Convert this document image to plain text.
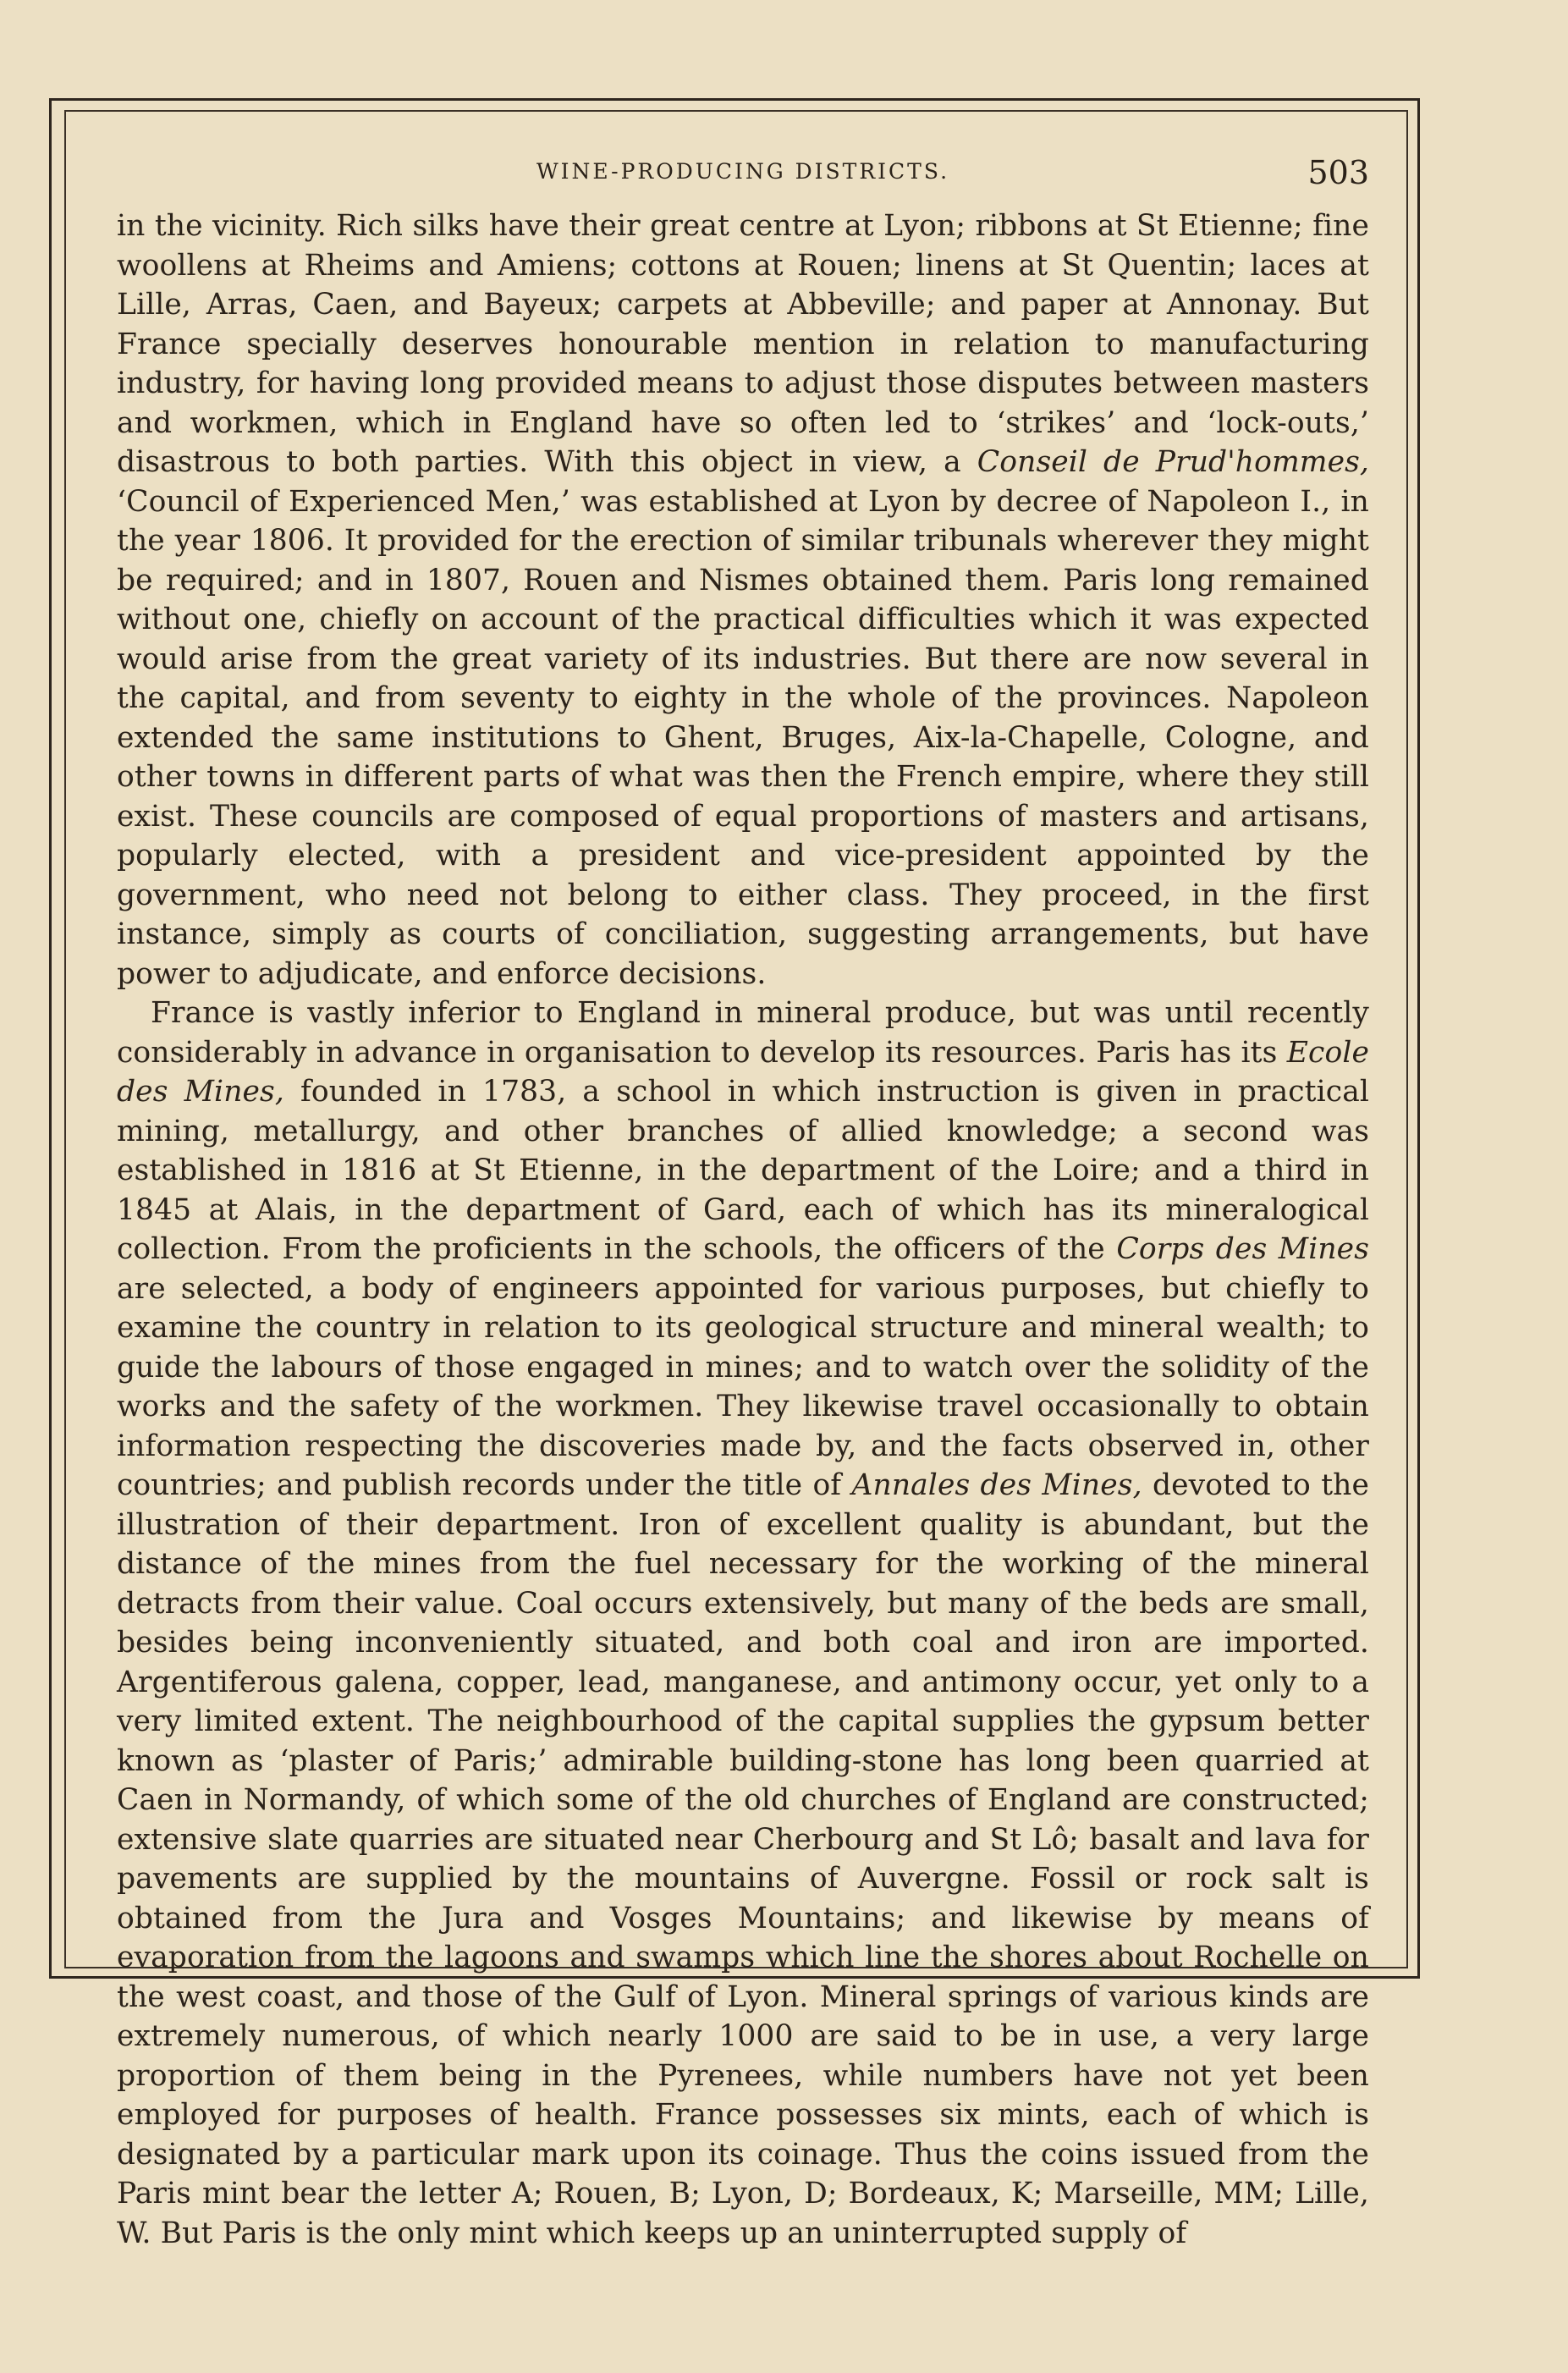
WINE-PRODUCING DISTRICTS.	503

in the vicinity. Rich silks have their great centre at Lyon; ribbons at St Etienne; fine woollens at Rheims and Amiens; cottons at Rouen; linens at St Quentin; laces at Lille, Arras, Caen, and Bayeux; carpets at Abbeville; and paper at Annonay. But France specially deserves honourable mention in relation to manufacturing industry, for having long provided means to adjust those disputes between masters and workmen, which in England have so often led to ‘strikes’ and ‘lock-outs,’ disastrous to both parties. With this object in view, a Conseil de Prud'hommes, ‘Council of Experienced Men,’ was established at Lyon by decree of Napoleon I., in the year 1806. It provided for the erection of similar tribunals wherever they might be required; and in 1807, Rouen and Nismes obtained them. Paris long remained without one, chiefly on account of the practical difficulties which it was expected would arise from the great variety of its industries. But there are now several in the capital, and from seventy to eighty in the whole of the provinces. Napoleon extended the same institutions to Ghent, Bruges, Aix-la-Chapelle, Cologne, and other towns in different parts of what was then the French empire, where they still exist. These councils are composed of equal proportions of masters and artisans, popularly elected, with a president and vice-president appointed by the government, who need not belong to either class. They proceed, in the first instance, simply as courts of conciliation, suggesting arrangements, but have power to adjudicate, and enforce decisions.

France is vastly inferior to England in mineral produce, but was until recently considerably in advance in organisation to develop its resources. Paris has its Ecole des Mines, founded in 1783, a school in which instruction is given in practical mining, metallurgy, and other branches of allied knowledge; a second was established in 1816 at St Etienne, in the department of the Loire; and a third in 1845 at Alais, in the department of Gard, each of which has its mineralogical collection. From the proficients in the schools, the officers of the Corps des Mines are selected, a body of engineers appointed for various purposes, but chiefly to examine the country in relation to its geological structure and mineral wealth; to guide the labours of those engaged in mines; and to watch over the solidity of the works and the safety of the workmen. They likewise travel occasionally to obtain information respecting the discoveries made by, and the facts observed in, other countries; and publish records under the title of Annales des Mines, devoted to the illustration of their department. Iron of excellent quality is abundant, but the distance of the mines from the fuel necessary for the working of the mineral detracts from their value. Coal occurs extensively, but many of the beds are small, besides being inconveniently situated, and both coal and iron are imported. Argentiferous galena, copper, lead, manganese, and antimony occur, yet only to a very limited extent. The neighbourhood of the capital supplies the gypsum better known as ‘plaster of Paris;’ admirable building-stone has long been quarried at Caen in Normandy, of which some of the old churches of England are constructed; extensive slate quarries are situated near Cherbourg and St Lô; basalt and lava for pavements are supplied by the mountains of Auvergne. Fossil or rock salt is obtained from the Jura and Vosges Mountains; and likewise by means of evaporation from the lagoons and swamps which line the shores about Rochelle on the west coast, and those of the Gulf of Lyon. Mineral springs of various kinds are extremely numerous, of which nearly 1000 are said to be in use, a very large proportion of them being in the Pyrenees, while numbers have not yet been employed for purposes of health. France possesses six mints, each of which is designated by a particular mark upon its coinage. Thus the coins issued from the Paris mint bear the letter A; Rouen, B; Lyon, D; Bordeaux, K; Marseille, MM; Lille, W. But Paris is the only mint which keeps up an uninterrupted supply of
